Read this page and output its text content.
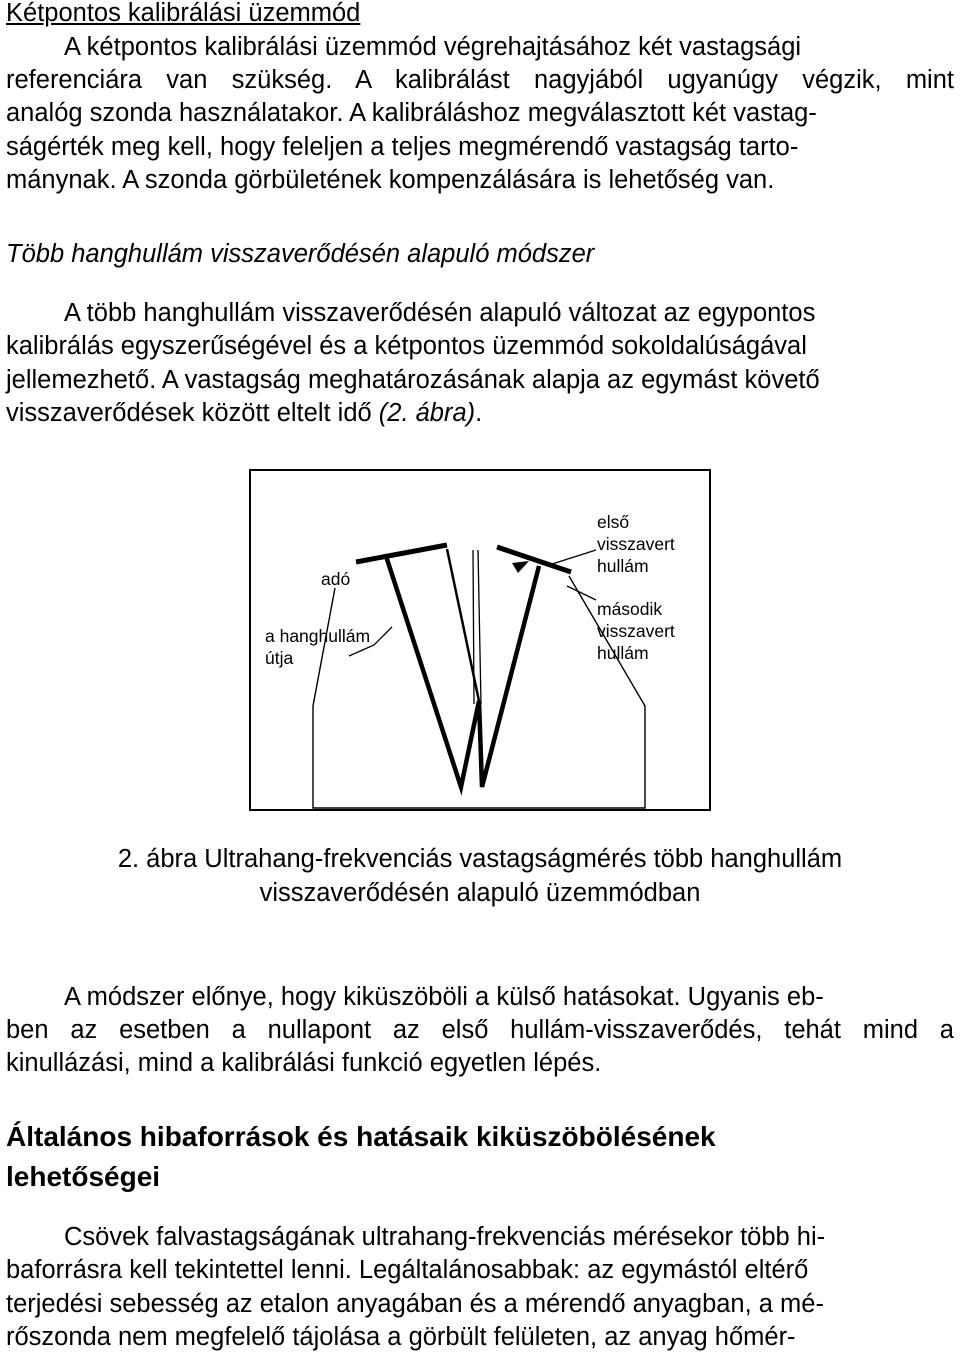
Kétpontos kalibrálási üzemmód
A kétpontos kalibrálási üzemmód végrehajtásához két vastagsági
referenciára van szükség. A kalibrálást nagyjából ugyanúgy végzik, mint
analóg szonda használatakor. A kalibráláshoz megválasztott két vastag-
ságérték meg kell, hogy feleljen a teljes megmérendő vastagság tarto-
mánynak. A szonda görbületének kompenzálására is lehetőség van.
Több hanghullám visszaverődésén alapuló módszer
A több hanghullám visszaverődésén alapuló változat az egypontos
kalibrálás egyszerűségével és a kétpontos üzemmód sokoldalúságával
jellemezhető. A vastagság meghatározásának alapja az egymást követő
visszaverődések között eltelt idő (2. ábra).
adó
a hanghullám
útja
első
visszavert
hullám
második
visszavert
hullám
2. ábra Ultrahang-frekvenciás vastagságmérés több hanghullám
visszaverődésén alapuló üzemmódban
A módszer előnye, hogy kiküszöböli a külső hatásokat. Ugyanis eb-
ben az esetben a nullapont az első hullám-visszaverődés, tehát mind a
kinullázási, mind a kalibrálási funkció egyetlen lépés.
Általános hibaforrások és hatásaik kiküszöbölésének
lehetőségei
Csövek falvastagságának ultrahang-frekvenciás mérésekor több hi-
baforrásra kell tekintettel lenni. Legáltalánosabbak: az egymástól eltérő
terjedési sebesség az etalon anyagában és a mérendő anyagban, a mé-
rőszonda nem megfelelő tájolása a görbült felületen, az anyag hőmér-
